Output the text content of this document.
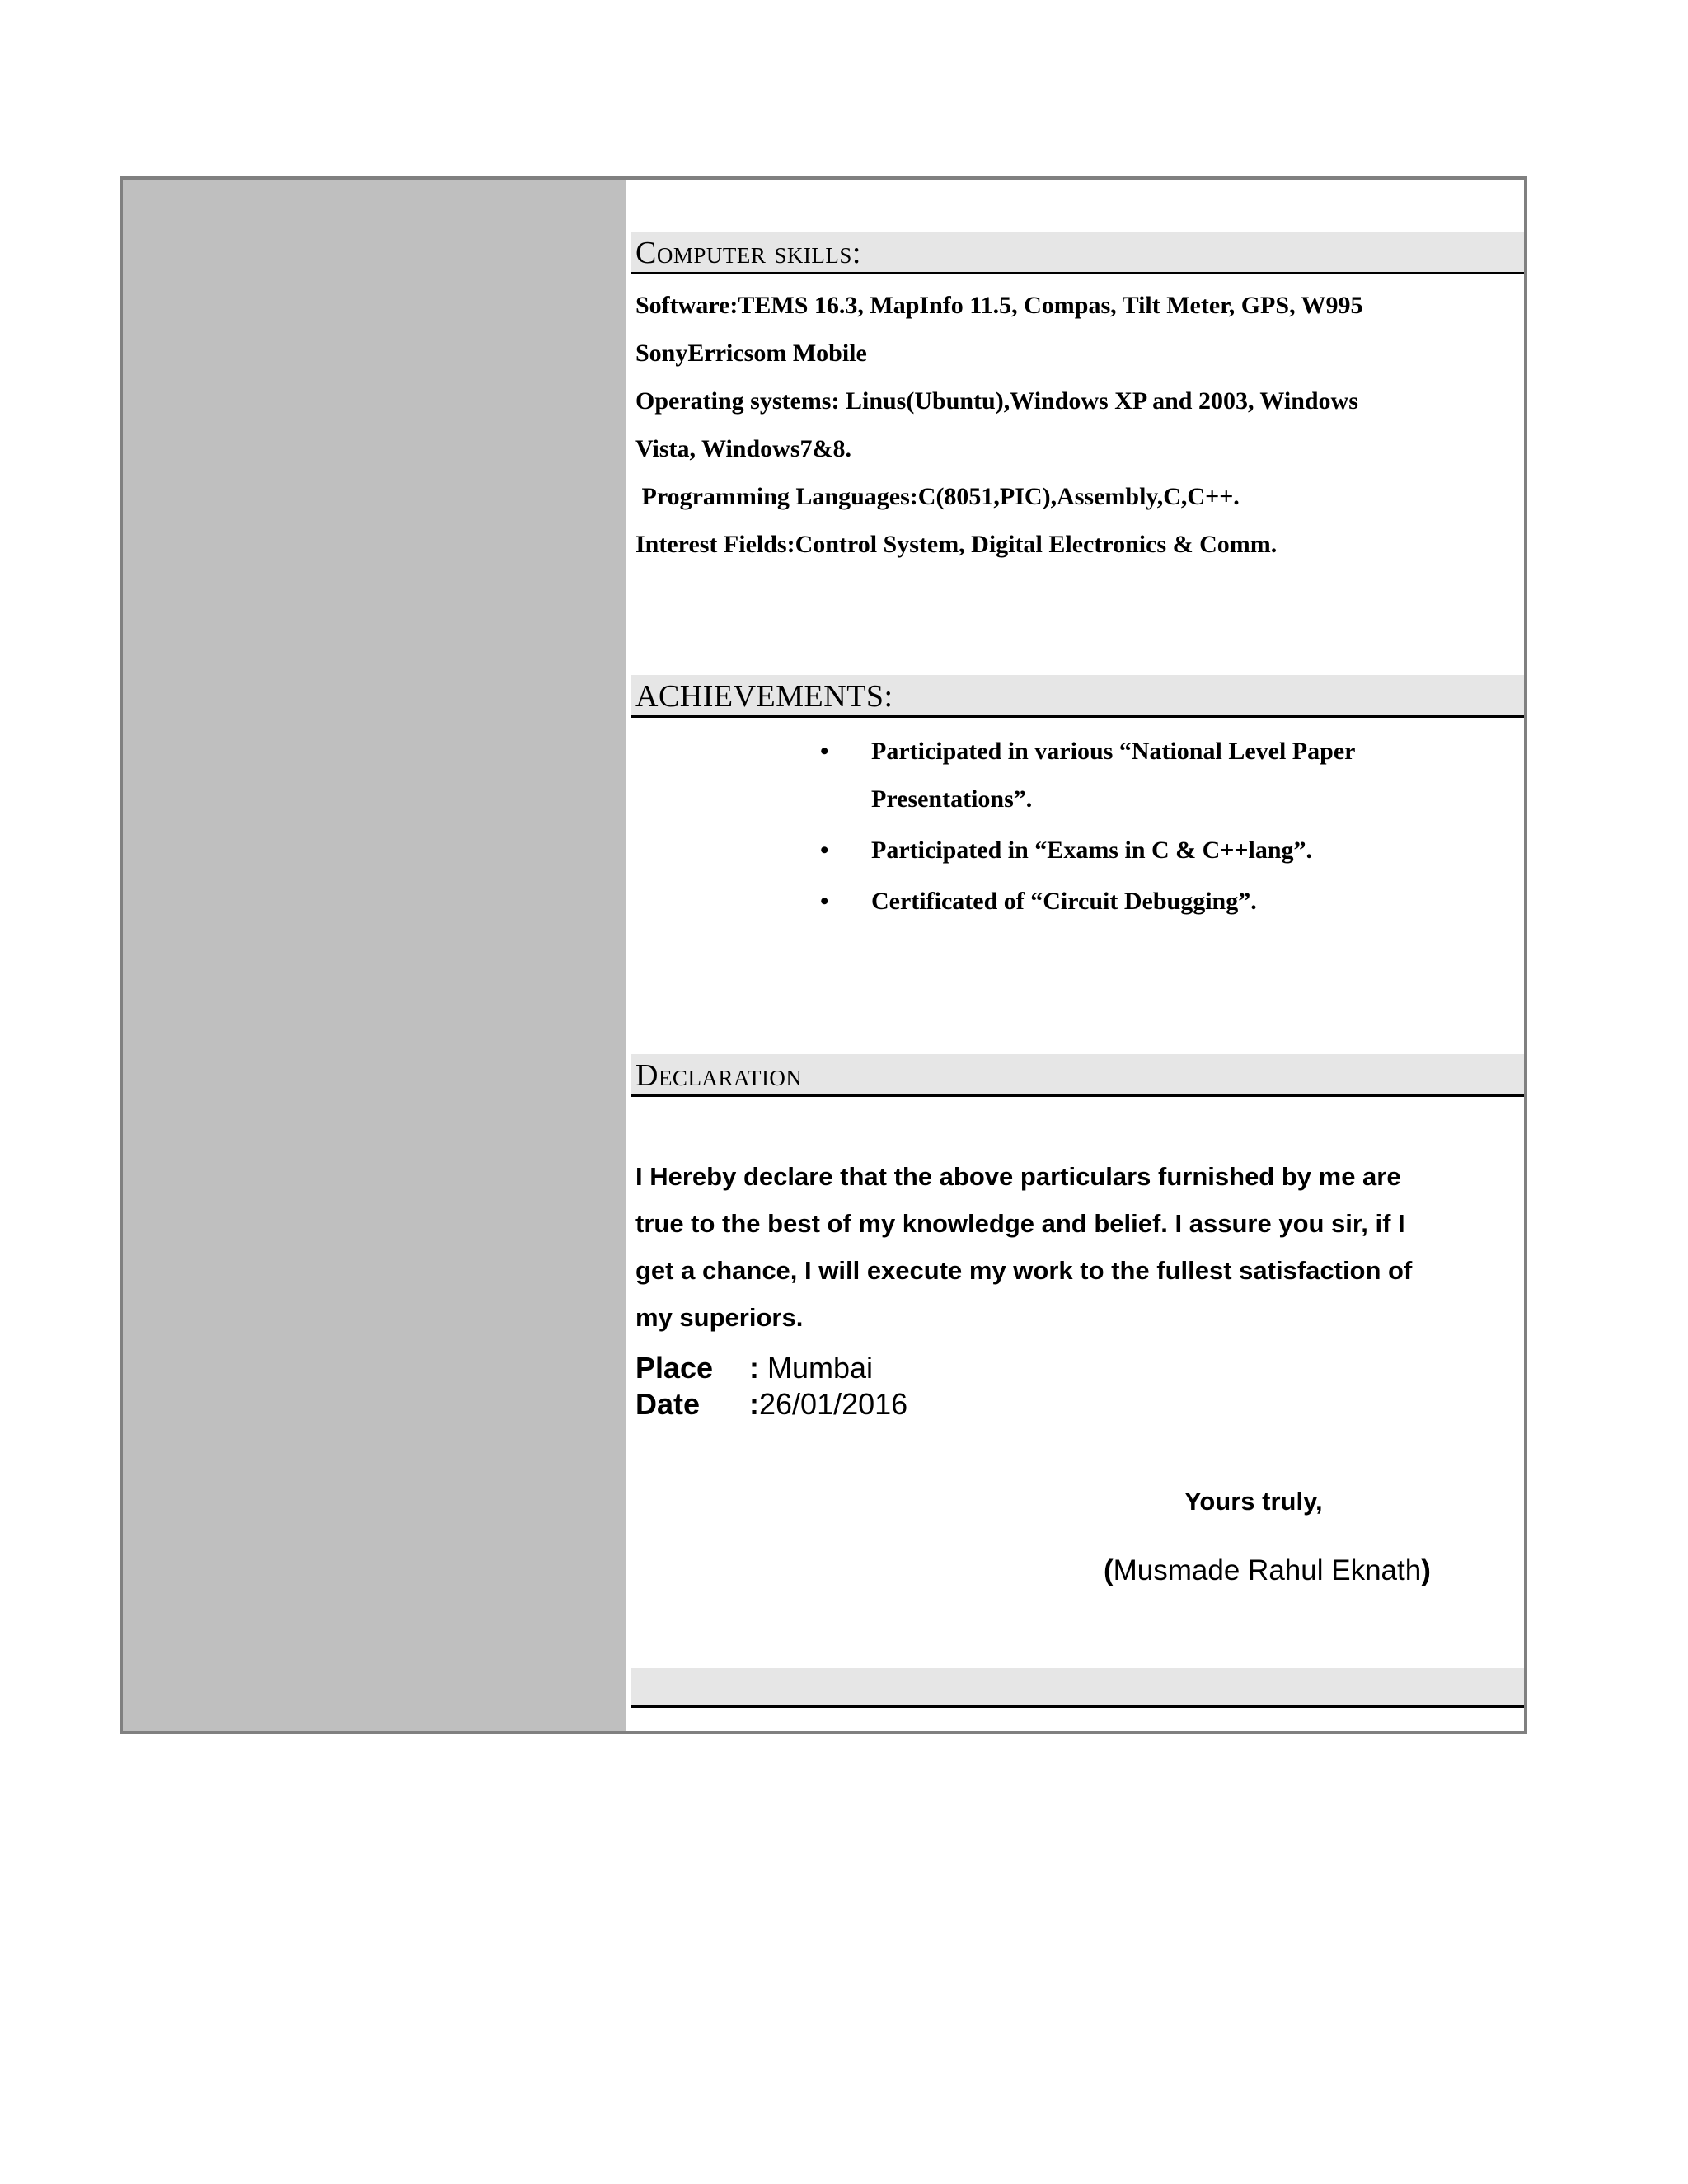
Computer skills:
Software:TEMS 16.3, MapInfo 11.5, Compas, Tilt Meter, GPS, W995
SonyErricsom Mobile
Operating systems: Linus(Ubuntu),Windows XP and 2003, Windows
Vista, Windows7&8.
Programming Languages:C(8051,PIC),Assembly,C,C++.
Interest Fields:Control System, Digital Electronics & Comm.
ACHIEVEMENTS:
• Participated in various “National Level Paper
Presentations”.
• Participated in “Exams in C & C++lang”.
• Certificated of “Circuit Debugging”.
Declaration
I Hereby declare that the above particulars furnished by me are
true to the best of my knowledge and belief. I assure you sir, if I
get a chance, I will execute my work to the fullest satisfaction of
my superiors.
Place	: Mumbai
Date	: 26/01/2016
Yours truly,
(Musmade Rahul Eknath)
